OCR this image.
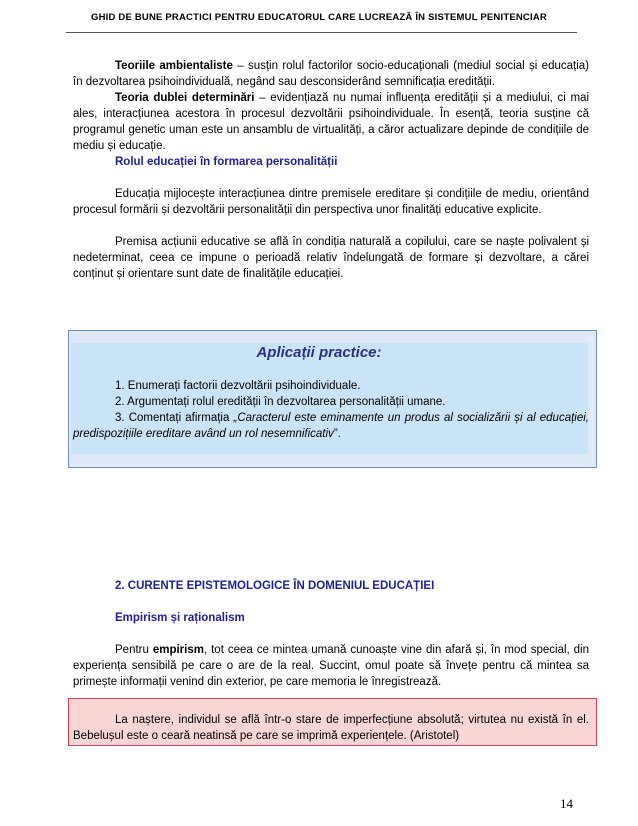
GHID DE BUNE PRACTICI PENTRU EDUCATORUL CARE LUCREAZĂ ÎN SISTEMUL PENITENCIAR
Teoriile ambientaliste – susțin rolul factorilor socio-educaționali (mediul social și educația) în dezvoltarea psihoindividuală, negând sau desconsiderând semnificația eredității.
Teoria dublei determinări – evidențiază nu numai influența eredității și a mediului, ci mai ales, interacțiunea acestora în procesul dezvoltării psihoindividuale. În esență, teoria susține că programul genetic uman este un ansamblu de virtualități, a căror actualizare depinde de condițiile de mediu și educație.
Rolul educației în formarea personalității
Educația mijlocește interacțiunea dintre premisele ereditare și condițiile de mediu, orientând procesul formării și dezvoltării personalității din perspectiva unor finalități educative explicite.
Premisa acțiunii educative se află în condiția naturală a copilului, care se naște polivalent și nedeterminat, ceea ce impune o perioadă relativ îndelungată de formare și dezvoltare, a cărei conținut și orientare sunt date de finalitățile educației.
Aplicații practice:
1. Enumerați factorii dezvoltării psihoindividuale.
2. Argumentați rolul eredității în dezvoltarea personalității umane.
3. Comentați afirmația „Caracterul este eminamente un produs al socializării și al educației, predispozițiile ereditare având un rol nesemnificativ”.
2. CURENTE EPISTEMOLOGICE ÎN DOMENIUL EDUCAȚIEI
Empirism și raționalism
Pentru empirism, tot ceea ce mintea umană cunoaște vine din afară și, în mod special, din experiența sensibilă pe care o are de la real. Succint, omul poate să învețe pentru că mintea sa primește informații venind din exterior, pe care memoria le înregistrează.
La naștere, individul se află într-o stare de imperfecțiune absolută; virtutea nu există în el. Bebelușul este o ceară neatinsă pe care se imprimă experiențele. (Aristotel)
14
